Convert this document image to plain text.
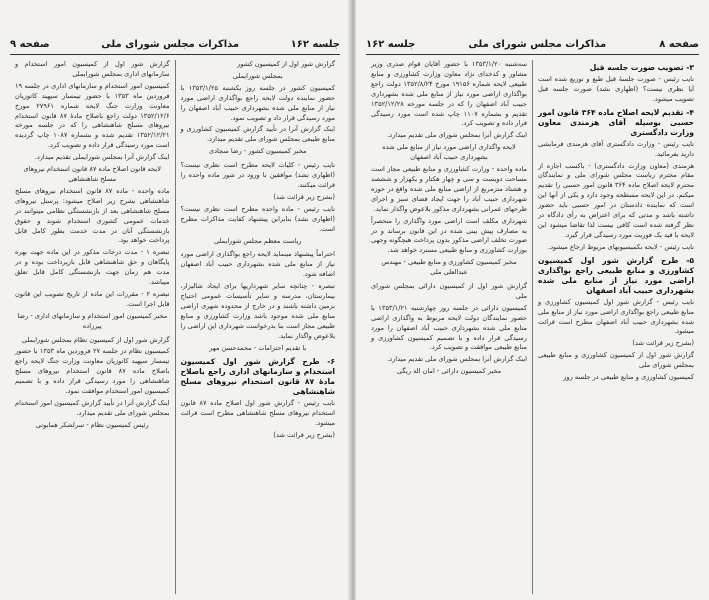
جلسه ۱۶۲
مذاکرات مجلس شورای ملی
صفحه ۹

گزارش شور اول از کمیسیون کشور

بمجلس شورایملی

کمیسیون کشور در جلسه روز یکشنبه ۱۳۵۳/۱/۲۵ با حضور نماینده دولت لایحه راجع بواگذاری اراضی مورد نیاز از منابع ملی شده بشهرداری حبیب آباد اصفهان را مورد رسیدگی قرار داد و تصویب نمود.

اینک گزارش آنرا در تأیید گزارش کمیسیون کشاورزی و منابع طبیعی بمجلس شورای ملی تقدیم میدارد.

مخبر کمیسیون کشور - رضا سجادی

نایب رئیس - کلیات لایحه مطرح است نظری نیست؟ (اظهاری نشد) موافقین با ورود در شور ماده واحده را قرائت میکنند.

(بشرح زیر قرائت شد)

نایب رئیس - ماده واحده مطرح است نظری نیست؟ (اظهاری نشد) بنابراین پیشنهاد کفایت مذاکرات مطرح است.

ریاست معظم مجلس شورایملی

احتراماً پیشنهاد مینماید لایحه راجع بواگذاری اراضی مورد نیاز از منابع ملی شده بشهرداری حبیب آباد اصفهان اضافه شود.

تبصره - چنانچه سایر شهرداریها برای ایجاد شالیزار، بیمارستان، مدرسه و سایر تأسیسات عمومی احتیاج بزمین داشته باشند و در خارج از محدوده شهری اراضی منابع ملی شده موجود باشد وزارت کشاورزی و منابع طبیعی مجاز است بنا بدرخواست شهرداری این اراضی را بلاعوض واگذار نماید.

با تقدیم احترامات - محمدحسن مهر

۶- طرح گزارش شور اول کمیسیون استخدام و سازمانهای اداری راجع باصلاح مادهٔ ۸۷ قانون استخدام نیروهای مسلح شاهنشاهی

نایب رئیس - گزارش شور اول اصلاح ماده ۸۷ قانون استخدام نیروهای مسلح شاهنشاهی مطرح است قرائت میشود.

(بشرح زیر قرائت شد)

گزارش شور اول از کمیسیون امور استخدام و سازمانهای اداری بمجلس شورایملی

کمیسیون امور استخدام و سازمانهای اداری در جلسه ۱۹ فروردین ماه ۱۳۵۳ با حضور تیمسار سپهبد کاتوزیان معاونت وزارت جنگ لایحه شماره ۲۷۹۶۱ مورخ ۱۳۵۲/۱۲/۶ دولت راجع باصلاح مادهٔ ۸۷ قانون استخدام نیروهای مسلح شاهنشاهی را که در جلسه مورخه ۱۳۵۲/۱۲/۲۱ تقدیم شده و بشماره ۱۰۸۷ چاپ گردیده است مورد رسیدگی قرار داده و تصویب کرد.

اینک گزارش آنرا بمجلس شورایملی تقدیم میدارد.

لایحه قانون اصلاح ماده ۸۷ قانون استخدام نیروهای مسلح شاهنشاهی

ماده واحده - ماده ۸۷ قانون استخدام نیروهای مسلح شاهنشاهی بشرح زیر اصلاح میشود: پرسنل نیروهای مسلح شاهنشاهی بعد از بازنشستگی نظامی میتوانند در خدمات عمومی کشوری استخدام شوند و حقوق بازنشستگی آنان در مدت خدمت بطور کامل قابل پرداخت خواهد بود.

تبصره ۱ - مدت درجات مذکور در این ماده جهت بهره پایگاهان و حق شاهنشاهی قابل بازپرداخت بوده و در مدت هم زمان جهت بازنشستگی کامل قابل تعلق میباشد.

تبصره ۲ - مقررات این ماده از تاریخ تصویب این قانون قابل اجرا است.

مخبر کمیسیون امور استخدام و سازمانهای اداری - رضا پیرزاده

گزارش شور اول از کمیسیون نظام بمجلس شورایملی

کمیسیون نظام در جلسه ۲۷ فروردین ماه ۱۳۵۳ با حضور تیمسار سپهبد کاتوزیان معاونت وزارت جنگ لایحه راجع باصلاح ماده ۸۷ قانون استخدام نیروهای مسلح شاهنشاهی را مورد رسیدگی قرار داده و با تصمیم کمیسیون امور استخدام موافقت نمود.

اینک گزارش آنرا در تأیید گزارش کمیسیون امور استخدام بمجلس شورای ملی تقدیم میدارد.

رئیس کمیسیون نظام - سرلشکر همایونی

صفحه ۸
مذاکرات مجلس شورای ملی
جلسه ۱۶۲

۳- تصویب صورت جلسه قبل

نایب رئیس - صورت جلسهٔ قبل طبع و توزیع شده است آیا نظری نیست؟ (اظهاری نشد) صورت جلسه قبل تصویب میشود.

۴- تقدیم لایحه اصلاح ماده ۳۶۴ قانون امور حسبی بوسیله آقای هزمندی معاون وزارت دادگستری

نایب رئیس - وزارت دادگستری آقای هزمندی فرمایشی دارید بفرمائید.

هزمندی (معاون وزارت دادگستری) - باکسب اجازه از مقام محترم ریاست مجلس شورای ملی و نمایندگان محترم لایحه اصلاح ماده ۳۶۴ قانون امور حسبی را تقدیم میکنم. در این لایحه مسطحه وجود دارد و یکی از آنها این است که نماینده دادستان در امور حسبی باید حضور داشته باشد و مدتی که برای اعتراض به رأی دادگاه در نظر گرفته شده است کافی نیست لذا تقاضا میشود این لایحه با قید یک فوریت مورد رسیدگی قرار گیرد.

نایب رئیس - لایحه بکمیسیونهای مربوط ارجاع میشود.

۵- طرح گزارش شور اول کمیسیون کشاورزی و منابع طبیعی راجع بواگذاری اراضی مورد نیاز از منابع ملی شده بشهرداری حبیب آباد اصفهان

نایب رئیس - گزارش شور اول کمیسیون کشاورزی و منابع طبیعی راجع بواگذاری اراضی مورد نیاز از منابع ملی شده بشهرداری حبیب آباد اصفهان مطرح است قرائت میشود.

(بشرح زیر قرائت شد)

گزارش شور اول از کمیسیون کشاورزی و منابع طبیعی بمجلس شورای ملی

کمیسیون کشاورزی و منابع طبیعی در جلسه روز

سه‌شنبه ۱۳۵۳/۱/۲۰ با حضور آقایان قوام صدری وزیر مشاور و کدخدای نژاد معاون وزارت کشاورزی و منابع طبیعی لایحه شماره ۱۹۱۵۶ مورخ ۱۳۵۲/۸/۲۴ دولت راجع بواگذاری اراضی مورد نیاز از منابع ملی شده بشهرداری حبیب آباد اصفهان را که در جلسه مورخه ۱۳۵۲/۱۲/۲۸ تقدیم و بشماره ۱۱۰۷ چاپ شده است مورد رسیدگی قرار داده و تصویب کرد.

اینک گزارش آنرا بمجلس شورای ملی تقدیم میدارد.

لایحه واگذاری اراضی مورد نیاز از منابع ملی شده بشهرداری حبیب آباد اصفهان

ماده واحده - وزارت کشاورزی و منابع طبیعی مجاز است مساحت دویست و سی و چهار هکتار و یکهزار و ششصد و هشتاد مترمربع از اراضی منابع ملی شده واقع در حوزه شهرداری حبیب آباد را جهت ایجاد فضای سبز و اجرای طرحهای عمرانی بشهرداری مذکور بلاعوض واگذار نماید.

شهرداری مکلف است اراضی مورد واگذاری را منحصراً به مصارف پیش بینی شده در این قانون برساند و در صورت تخلف اراضی مذکور بدون پرداخت هیچگونه وجهی بوزارت کشاورزی و منابع طبیعی مسترد خواهد شد.

مخبر کمیسیون کشاورزی و منابع طبیعی - مهندس عبدالعلی ملی

گزارش شور اول از کمیسیون دارائی بمجلس شورای ملی

کمیسیون دارائی در جلسه روز چهارشنبه ۱۳۵۳/۱/۲۱ با حضور نمایندگان دولت لایحه مربوط به واگذاری اراضی منابع ملی شده بشهرداری حبیب آباد اصفهان را مورد رسیدگی قرار داده و با تصمیم کمیسیون کشاورزی و منابع طبیعی موافقت و تصویب کرد.

اینک گزارش آنرا بمجلس شورای ملی تقدیم میدارد.

مخبر کمیسیون دارائی - امان اله ریگی
